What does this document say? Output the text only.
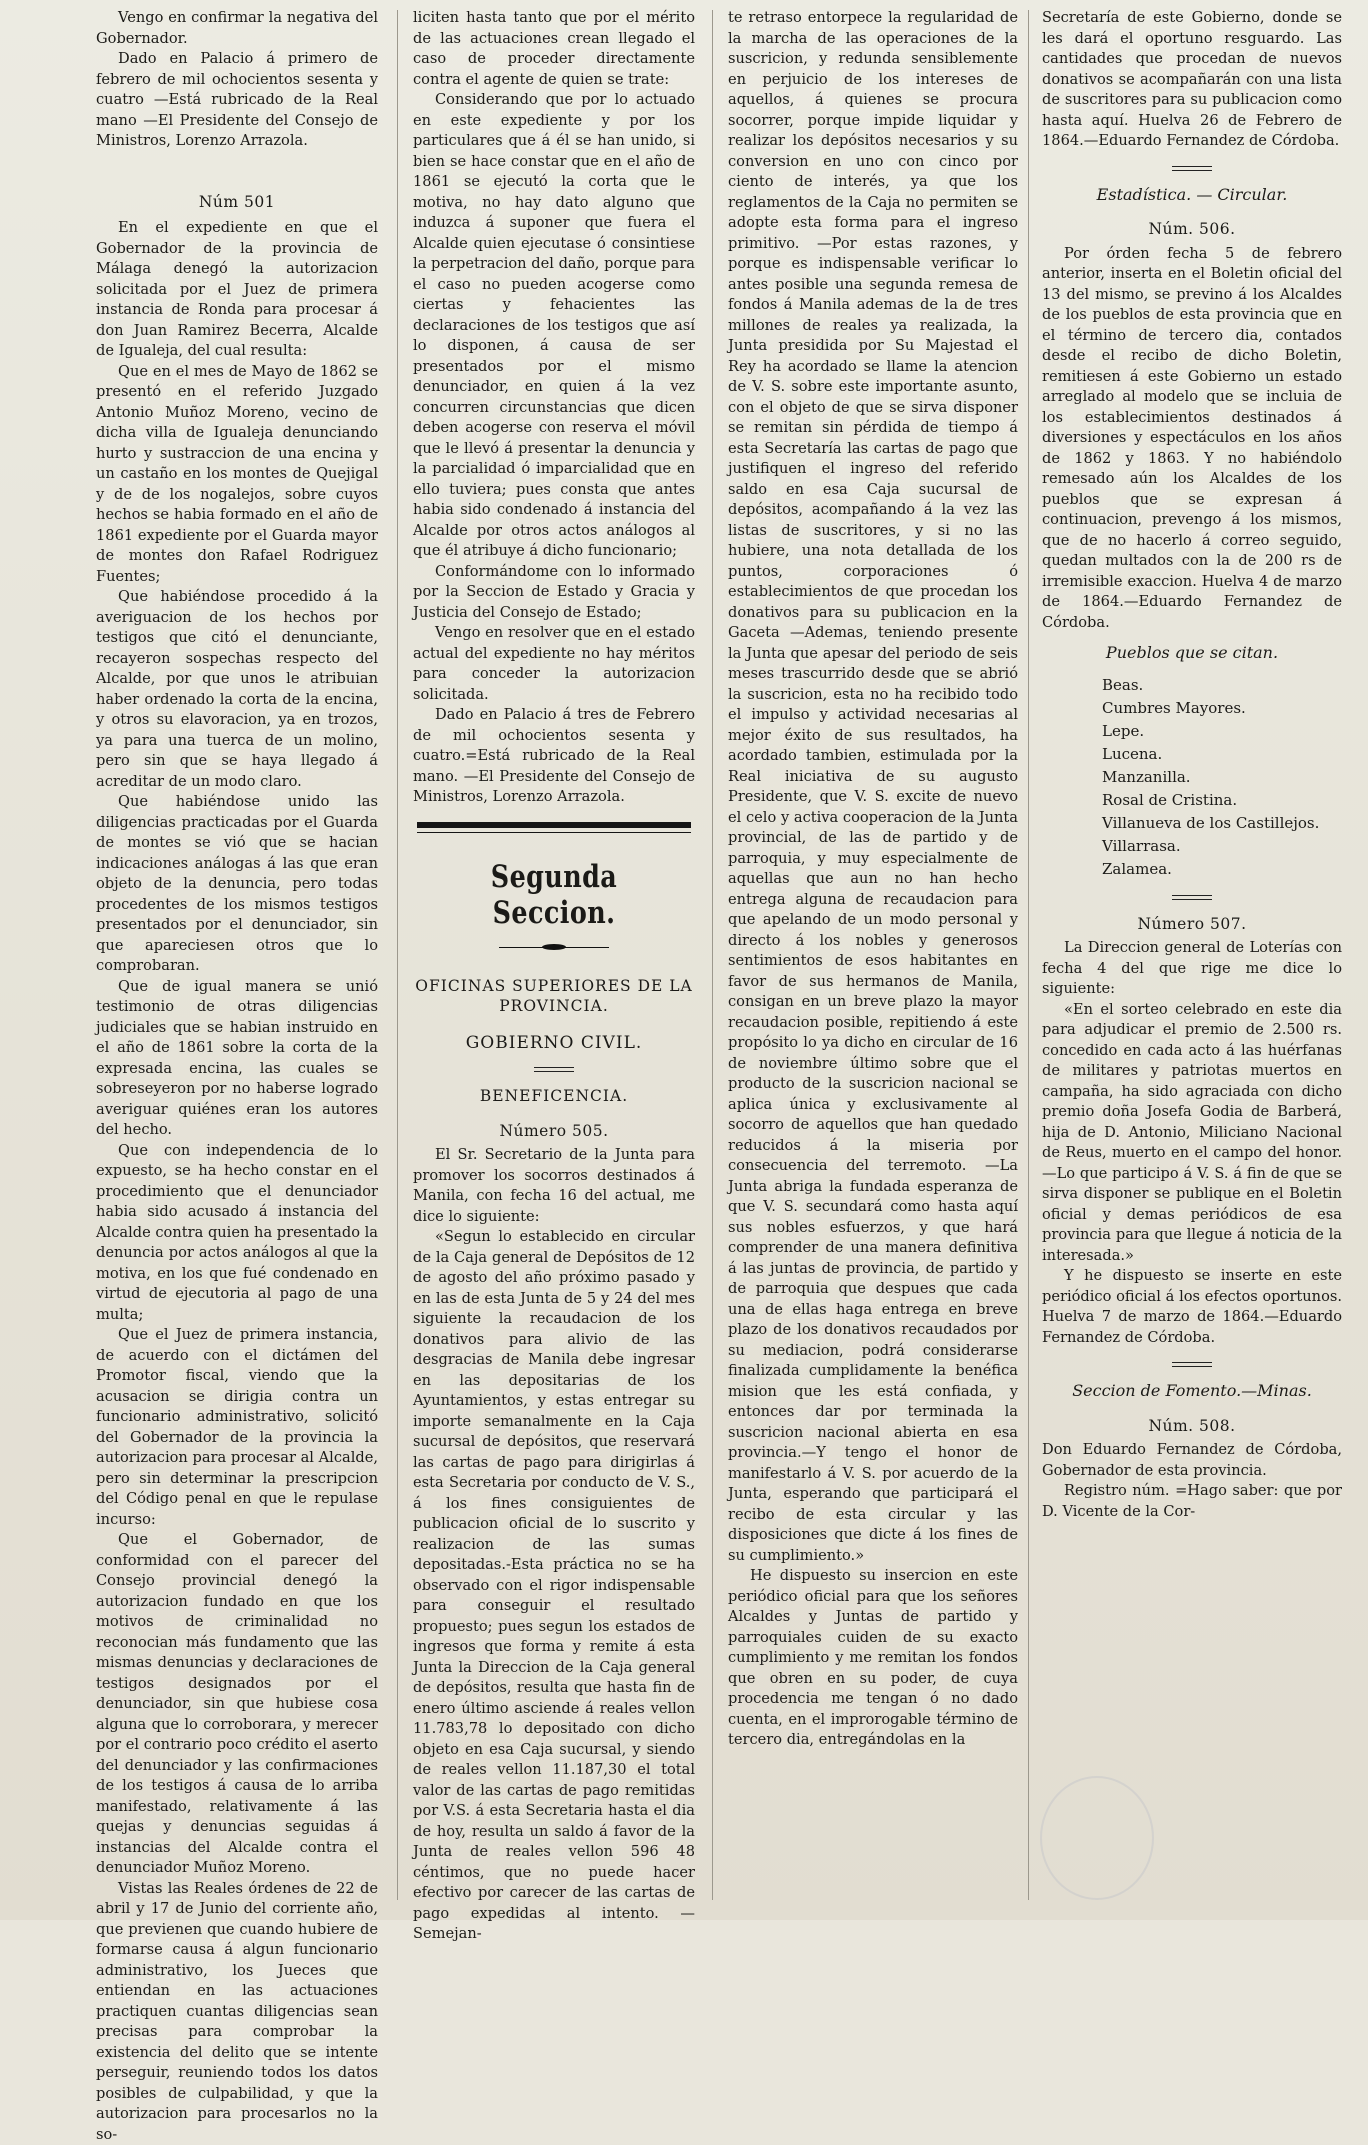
Vengo en confirmar la negativa del Gobernador.

Dado en Palacio á primero de febrero de mil ochocientos sesenta y cuatro —Está rubricado de la Real mano —El Presidente del Consejo de Ministros, Lorenzo Arrazola.

Núm 501

En el expediente en que el Gobernador de la provincia de Málaga denegó la autorizacion solicitada por el Juez de primera instancia de Ronda para procesar á don Juan Ramirez Becerra, Alcalde de Igualeja, del cual resulta:

Que en el mes de Mayo de 1862 se presentó en el referido Juzgado Antonio Muñoz Moreno, vecino de dicha villa de Igualeja denunciando hurto y sustraccion de una encina y un castaño en los montes de Quejigal y de de los nogalejos, sobre cuyos hechos se habia formado en el año de 1861 expediente por el Guarda mayor de montes don Rafael Rodriguez Fuentes;

Que habiéndose procedido á la averiguacion de los hechos por testigos que citó el denunciante, recayeron sospechas respecto del Alcalde, por que unos le atribuian haber ordenado la corta de la encina, y otros su elavoracion, ya en trozos, ya para una tuerca de un molino, pero sin que se haya llegado á acreditar de un modo claro.

Que habiéndose unido las diligencias practicadas por el Guarda de montes se vió que se hacian indicaciones análogas á las que eran objeto de la denuncia, pero todas procedentes de los mismos testigos presentados por el denunciador, sin que apareciesen otros que lo comprobaran.

Que de igual manera se unió testimonio de otras diligencias judiciales que se habian instruido en el año de 1861 sobre la corta de la expresada encina, las cuales se sobreseyeron por no haberse logrado averiguar quiénes eran los autores del hecho.

Que con independencia de lo expuesto, se ha hecho constar en el procedimiento que el denunciador habia sido acusado á instancia del Alcalde contra quien ha presentado la denuncia por actos análogos al que la motiva, en los que fué condenado en virtud de ejecutoria al pago de una multa;

Que el Juez de primera instancia, de acuerdo con el dictámen del Promotor fiscal, viendo que la acusacion se dirigia contra un funcionario administrativo, solicitó del Gobernador de la provincia la autorizacion para procesar al Alcalde, pero sin determinar la prescripcion del Código penal en que le repulase incurso:

Que el Gobernador, de conformidad con el parecer del Consejo provincial denegó la autorizacion fundado en que los motivos de criminalidad no reconocian más fundamento que las mismas denuncias y declaraciones de testigos designados por el denunciador, sin que hubiese cosa alguna que lo corroborara, y merecer por el contrario poco crédito el aserto del denunciador y las confirmaciones de los testigos á causa de lo arriba manifestado, relativamente á las quejas y denuncias seguidas á instancias del Alcalde contra el denunciador Muñoz Moreno.

Vistas las Reales órdenes de 22 de abril y 17 de Junio del corriente año, que previenen que cuando hubiere de formarse causa á algun funcionario administrativo, los Jueces que entiendan en las actuaciones practiquen cuantas diligencias sean precisas para comprobar la existencia del delito que se intente perseguir, reuniendo todos los datos posibles de culpabilidad, y que la autorizacion para procesarlos no la so-

liciten hasta tanto que por el mérito de las actuaciones crean llegado el caso de proceder directamente contra el agente de quien se trate:

Considerando que por lo actuado en este expediente y por los particulares que á él se han unido, si bien se hace constar que en el año de 1861 se ejecutó la corta que le motiva, no hay dato alguno que induzca á suponer que fuera el Alcalde quien ejecutase ó consintiese la perpetracion del daño, porque para el caso no pueden acogerse como ciertas y fehacientes las declaraciones de los testigos que así lo disponen, á causa de ser presentados por el mismo denunciador, en quien á la vez concurren circunstancias que dicen deben acogerse con reserva el móvil que le llevó á presentar la denuncia y la parcialidad ó imparcialidad que en ello tuviera; pues consta que antes habia sido condenado á instancia del Alcalde por otros actos análogos al que él atribuye á dicho funcionario;

Conformándome con lo informado por la Seccion de Estado y Gracia y Justicia del Consejo de Estado;

Vengo en resolver que en el estado actual del expediente no hay méritos para conceder la autorizacion solicitada.

Dado en Palacio á tres de Febrero de mil ochocientos sesenta y cuatro.=Está rubricado de la Real mano. —El Presidente del Consejo de Ministros, Lorenzo Arrazola.

Segunda Seccion.
OFICINAS SUPERIORES DE LA PROVINCIA.
GOBIERNO CIVIL.
BENEFICENCIA.
Número 505.

El Sr. Secretario de la Junta para promover los socorros destinados á Manila, con fecha 16 del actual, me dice lo siguiente:

«Segun lo establecido en circular de la Caja general de Depósitos de 12 de agosto del año próximo pasado y en las de esta Junta de 5 y 24 del mes siguiente la recaudacion de los donativos para alivio de las desgracias de Manila debe ingresar en las depositarias de los Ayuntamientos, y estas entregar su importe semanalmente en la Caja sucursal de depósitos, que reservará las cartas de pago para dirigirlas á esta Secretaria por conducto de V. S., á los fines consiguientes de publicacion oficial de lo suscrito y realizacion de las sumas depositadas.-Esta práctica no se ha observado con el rigor indispensable para conseguir el resultado propuesto; pues segun los estados de ingresos que forma y remite á esta Junta la Direccion de la Caja general de depósitos, resulta que hasta fin de enero último asciende á reales vellon 11.783,78 lo depositado con dicho objeto en esa Caja sucursal, y siendo de reales vellon 11.187,30 el total valor de las cartas de pago remitidas por V.S. á esta Secretaria hasta el dia de hoy, resulta un saldo á favor de la Junta de reales vellon 596 48 céntimos, que no puede hacer efectivo por carecer de las cartas de pago expedidas al intento. —Semejan-

te retraso entorpece la regularidad de la marcha de las operaciones de la suscricion, y redunda sensiblemente en perjuicio de los intereses de aquellos, á quienes se procura socorrer, porque impide liquidar y realizar los depósitos necesarios y su conversion en uno con cinco por ciento de interés, ya que los reglamentos de la Caja no permiten se adopte esta forma para el ingreso primitivo. —Por estas razones, y porque es indispensable verificar lo antes posible una segunda remesa de fondos á Manila ademas de la de tres millones de reales ya realizada, la Junta presidida por Su Majestad el Rey ha acordado se llame la atencion de V. S. sobre este importante asunto, con el objeto de que se sirva disponer se remitan sin pérdida de tiempo á esta Secretaría las cartas de pago que justifiquen el ingreso del referido saldo en esa Caja sucursal de depósitos, acompañando á la vez las listas de suscritores, y si no las hubiere, una nota detallada de los puntos, corporaciones ó establecimientos de que procedan los donativos para su publicacion en la Gaceta —Ademas, teniendo presente la Junta que apesar del periodo de seis meses trascurrido desde que se abrió la suscricion, esta no ha recibido todo el impulso y actividad necesarias al mejor éxito de sus resultados, ha acordado tambien, estimulada por la Real iniciativa de su augusto Presidente, que V. S. excite de nuevo el celo y activa cooperacion de la Junta provincial, de las de partido y de parroquia, y muy especialmente de aquellas que aun no han hecho entrega alguna de recaudacion para que apelando de un modo personal y directo á los nobles y generosos sentimientos de esos habitantes en favor de sus hermanos de Manila, consigan en un breve plazo la mayor recaudacion posible, repitiendo á este propósito lo ya dicho en circular de 16 de noviembre último sobre que el producto de la suscricion nacional se aplica única y exclusivamente al socorro de aquellos que han quedado reducidos á la miseria por consecuencia del terremoto. —La Junta abriga la fundada esperanza de que V. S. secundará como hasta aquí sus nobles esfuerzos, y que hará comprender de una manera definitiva á las juntas de provincia, de partido y de parroquia que despues que cada una de ellas haga entrega en breve plazo de los donativos recaudados por su mediacion, podrá considerarse finalizada cumplidamente la benéfica mision que les está confiada, y entonces dar por terminada la suscricion nacional abierta en esa provincia.—Y tengo el honor de manifestarlo á V. S. por acuerdo de la Junta, esperando que participará el recibo de esta circular y las disposiciones que dicte á los fines de su cumplimiento.»

He dispuesto su insercion en este periódico oficial para que los señores Alcaldes y Juntas de partido y parroquiales cuiden de su exacto cumplimiento y me remitan los fondos que obren en su poder, de cuya procedencia me tengan ó no dado cuenta, en el improrogable término de tercero dia, entregándolas en la

Secretaría de este Gobierno, donde se les dará el oportuno resguardo. Las cantidades que procedan de nuevos donativos se acompañarán con una lista de suscritores para su publicacion como hasta aquí. Huelva 26 de Febrero de 1864.—Eduardo Fernandez de Córdoba.

Estadística. — Circular.
Núm. 506.

Por órden fecha 5 de febrero anterior, inserta en el Boletin oficial del 13 del mismo, se previno á los Alcaldes de los pueblos de esta provincia que en el término de tercero dia, contados desde el recibo de dicho Boletin, remitiesen á este Gobierno un estado arreglado al modelo que se incluia de los establecimientos destinados á diversiones y espectáculos en los años de 1862 y 1863. Y no habiéndolo remesado aún los Alcaldes de los pueblos que se expresan á continuacion, prevengo á los mismos, que de no hacerlo á correo seguido, quedan multados con la de 200 rs de irremisible exaccion. Huelva 4 de marzo de 1864.—Eduardo Fernandez de Córdoba.

Pueblos que se citan.
Beas.
Cumbres Mayores.
Lepe.
Lucena.
Manzanilla.
Rosal de Cristina.
Villanueva de los Castillejos.
Villarrasa.
Zalamea.
Número 507.

La Direccion general de Loterías con fecha 4 del que rige me dice lo siguiente:

«En el sorteo celebrado en este dia para adjudicar el premio de 2.500 rs. concedido en cada acto á las huérfanas de militares y patriotas muertos en campaña, ha sido agraciada con dicho premio doña Josefa Godia de Barberá, hija de D. Antonio, Miliciano Nacional de Reus, muerto en el campo del honor. —Lo que participo á V. S. á fin de que se sirva disponer se publique en el Boletin oficial y demas periódicos de esa provincia para que llegue á noticia de la interesada.»

Y he dispuesto se inserte en este periódico oficial á los efectos oportunos. Huelva 7 de marzo de 1864.—Eduardo Fernandez de Córdoba.

Seccion de Fomento.—Minas.
Núm. 508.

Don Eduardo Fernandez de Córdoba, Gobernador de esta provincia.

Registro núm. =Hago saber: que por D. Vicente de la Cor-
